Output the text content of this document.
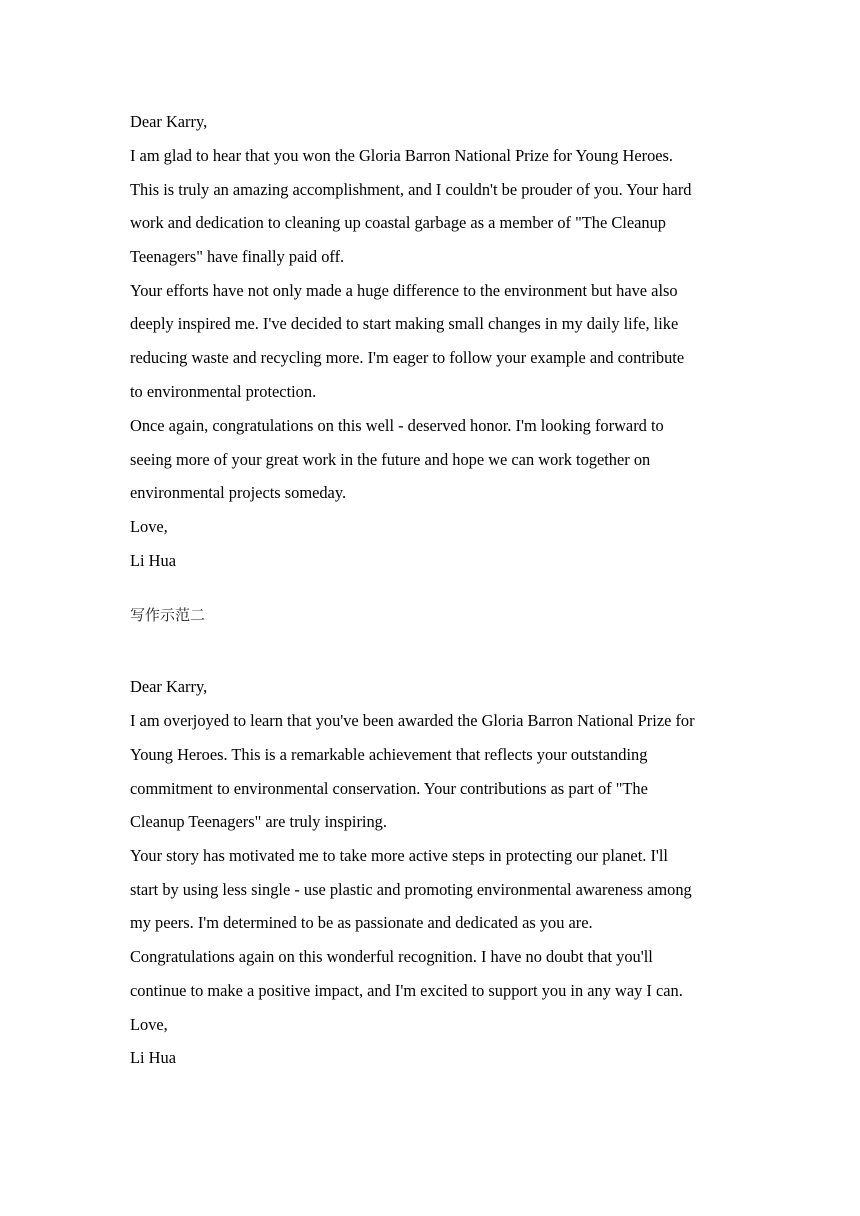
Dear Karry,
I am glad to hear that you won the Gloria Barron National Prize for Young Heroes.
This is truly an amazing accomplishment, and I couldn't be prouder of you. Your hard
work and dedication to cleaning up coastal garbage as a member of "The Cleanup
Teenagers" have finally paid off.
Your efforts have not only made a huge difference to the environment but have also
deeply inspired me. I've decided to start making small changes in my daily life, like
reducing waste and recycling more. I'm eager to follow your example and contribute
to environmental protection.
Once again, congratulations on this well - deserved honor. I'm looking forward to
seeing more of your great work in the future and hope we can work together on
environmental projects someday.
Love,
Li Hua
写作示范二
Dear Karry,
I am overjoyed to learn that you've been awarded the Gloria Barron National Prize for
Young Heroes. This is a remarkable achievement that reflects your outstanding
commitment to environmental conservation. Your contributions as part of "The
Cleanup Teenagers" are truly inspiring.
Your story has motivated me to take more active steps in protecting our planet. I'll
start by using less single - use plastic and promoting environmental awareness among
my peers. I'm determined to be as passionate and dedicated as you are.
Congratulations again on this wonderful recognition. I have no doubt that you'll
continue to make a positive impact, and I'm excited to support you in any way I can.
Love,
Li Hua
